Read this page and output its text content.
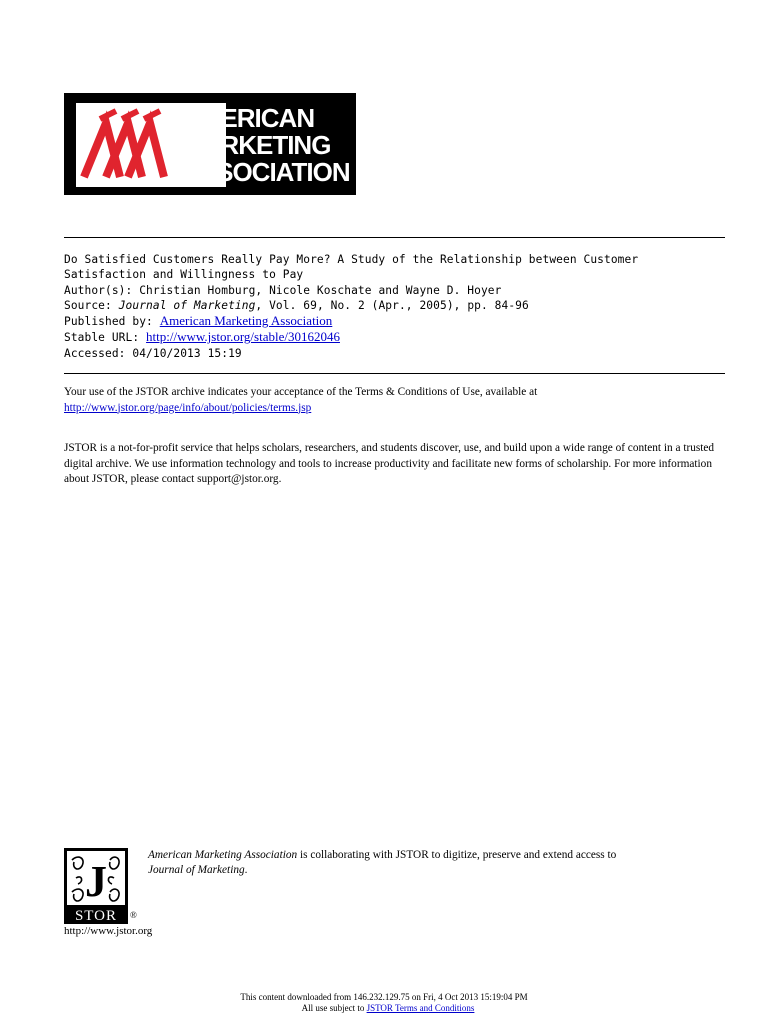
AMERICAN
MARKETING
ASSOCIATION
Do Satisfied Customers Really Pay More? A Study of the Relationship between Customer
Satisfaction and Willingness to Pay
Author(s): Christian Homburg, Nicole Koschate and Wayne D. Hoyer
Source: Journal of Marketing, Vol. 69, No. 2 (Apr., 2005), pp. 84-96
Published by: American Marketing Association
Stable URL: http://www.jstor.org/stable/30162046
Accessed: 04/10/2013 15:19
Your use of the JSTOR archive indicates your acceptance of the Terms & Conditions of Use, available at
http://www.jstor.org/page/info/about/policies/terms.jsp
JSTOR is a not-for-profit service that helps scholars, researchers, and students discover, use, and build upon a wide range of content in a trusted digital archive. We use information technology and tools to increase productivity and facilitate new forms of scholarship. For more information about JSTOR, please contact support@jstor.org.
J
STOR ®
http://www.jstor.org
American Marketing Association is collaborating with JSTOR to digitize, preserve and extend access to
Journal of Marketing.
This content downloaded from 146.232.129.75 on Fri, 4 Oct 2013 15:19:04 PM
All use subject to JSTOR Terms and Conditions
